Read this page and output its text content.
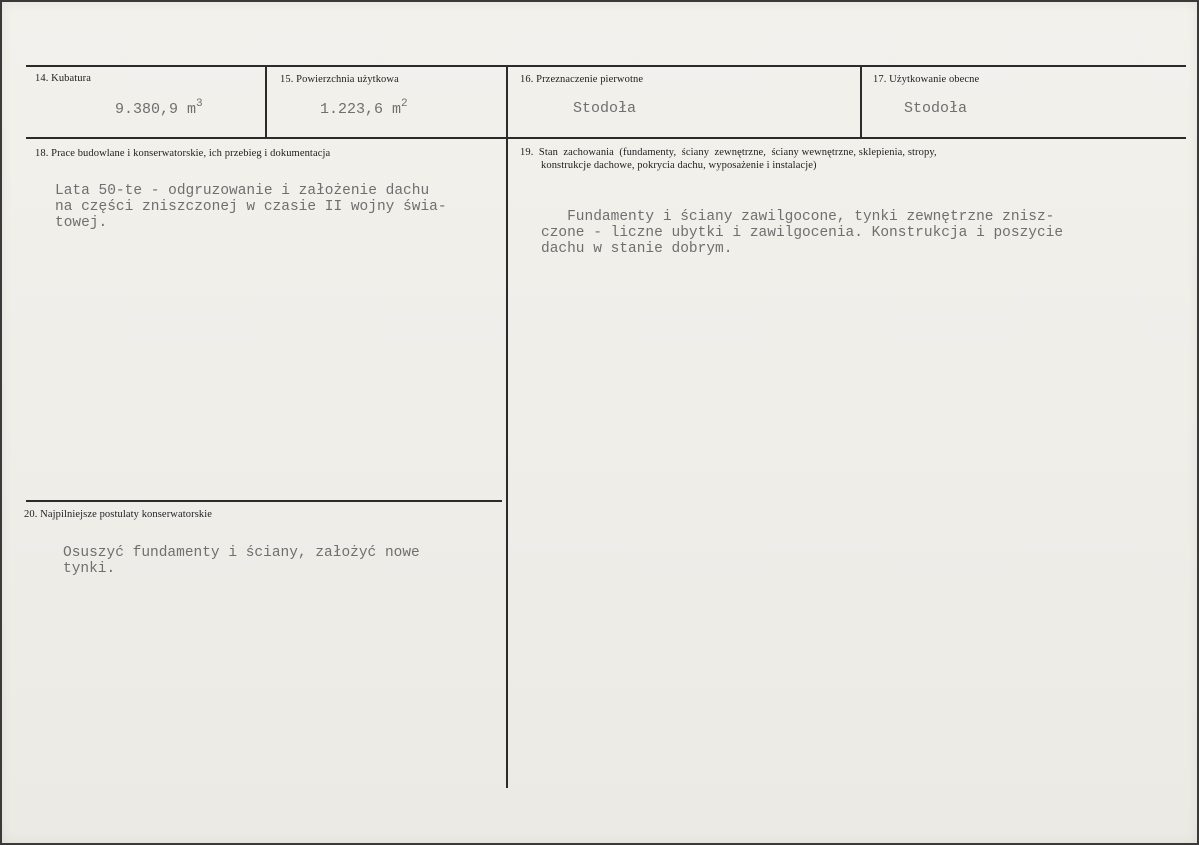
14. Kubatura
9.380,9 $m^3$
15. Powierzchnia użytkowa
1.223,6 $m^2$
16. Przeznaczenie pierwotne
Stodoła
17. Użytkowanie obecne
Stodoła
18. Prace budowlane i konserwatorskie, ich przebieg i dokumentacja
Lata 50-te - odgruzowanie i założenie dachu
na części zniszczonej w czasie II wojny świa-
towej.
19.  Stan  zachowania  (fundamenty,  ściany  zewnętrzne,  ściany wewnętrzne, sklepienia, stropy,
konstrukcje dachowe, pokrycia dachu, wyposażenie i instalacje)
Fundamenty i ściany zawilgocone, tynki zewnętrzne znisz-
czone - liczne ubytki i zawilgocenia. Konstrukcja i poszycie
dachu w stanie dobrym.
20. Najpilniejsze postulaty konserwatorskie
Osuszyć fundamenty i ściany, założyć nowe
tynki.
